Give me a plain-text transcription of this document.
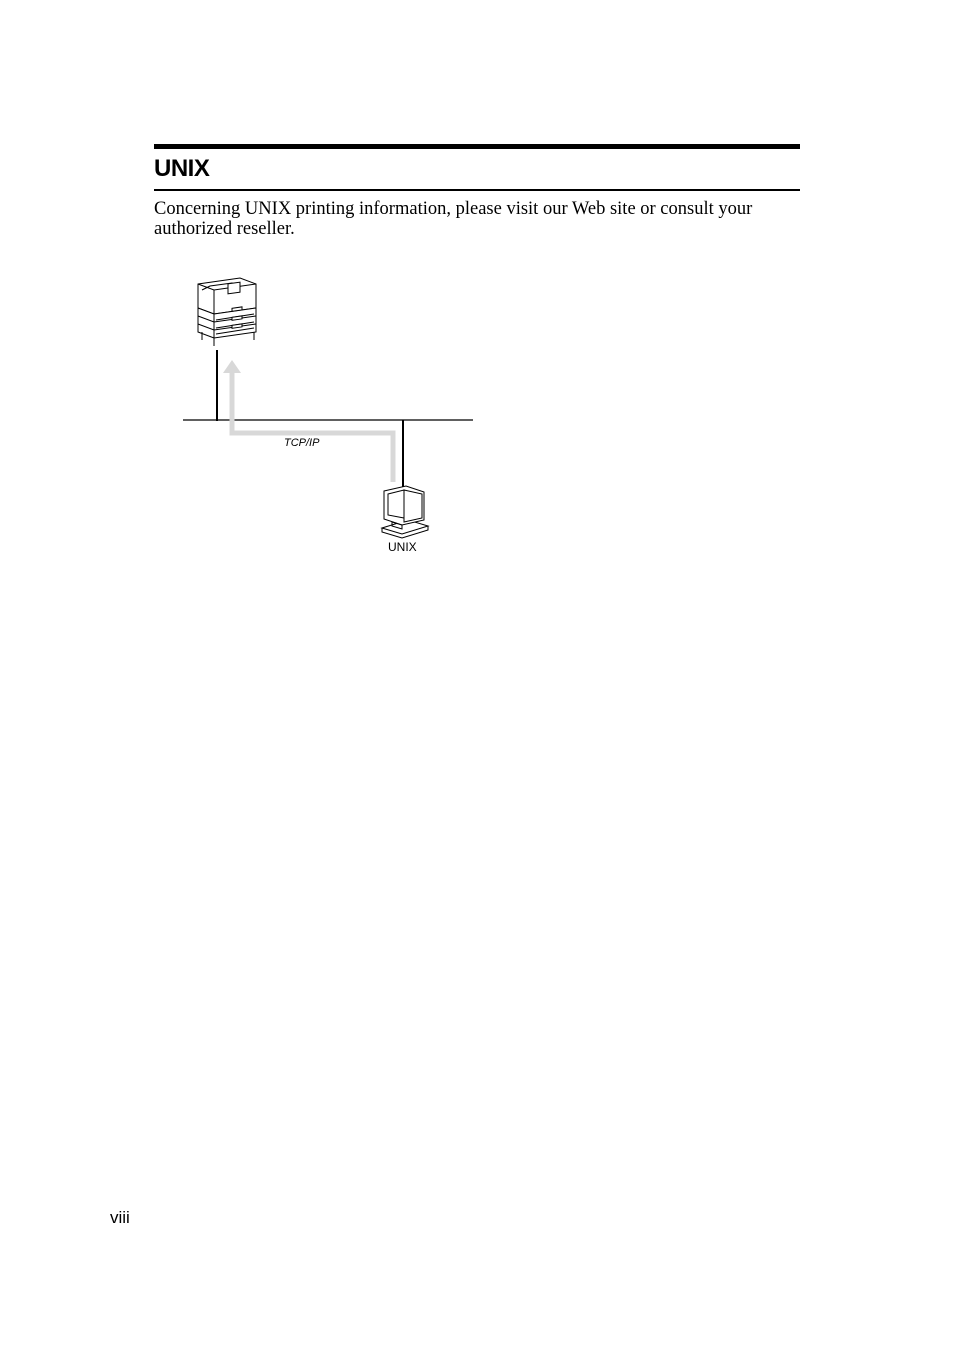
UNIX
Concerning UNIX printing information, please visit our Web site or consult your authorized reseller.
TCP/IP
UNIX
viii
